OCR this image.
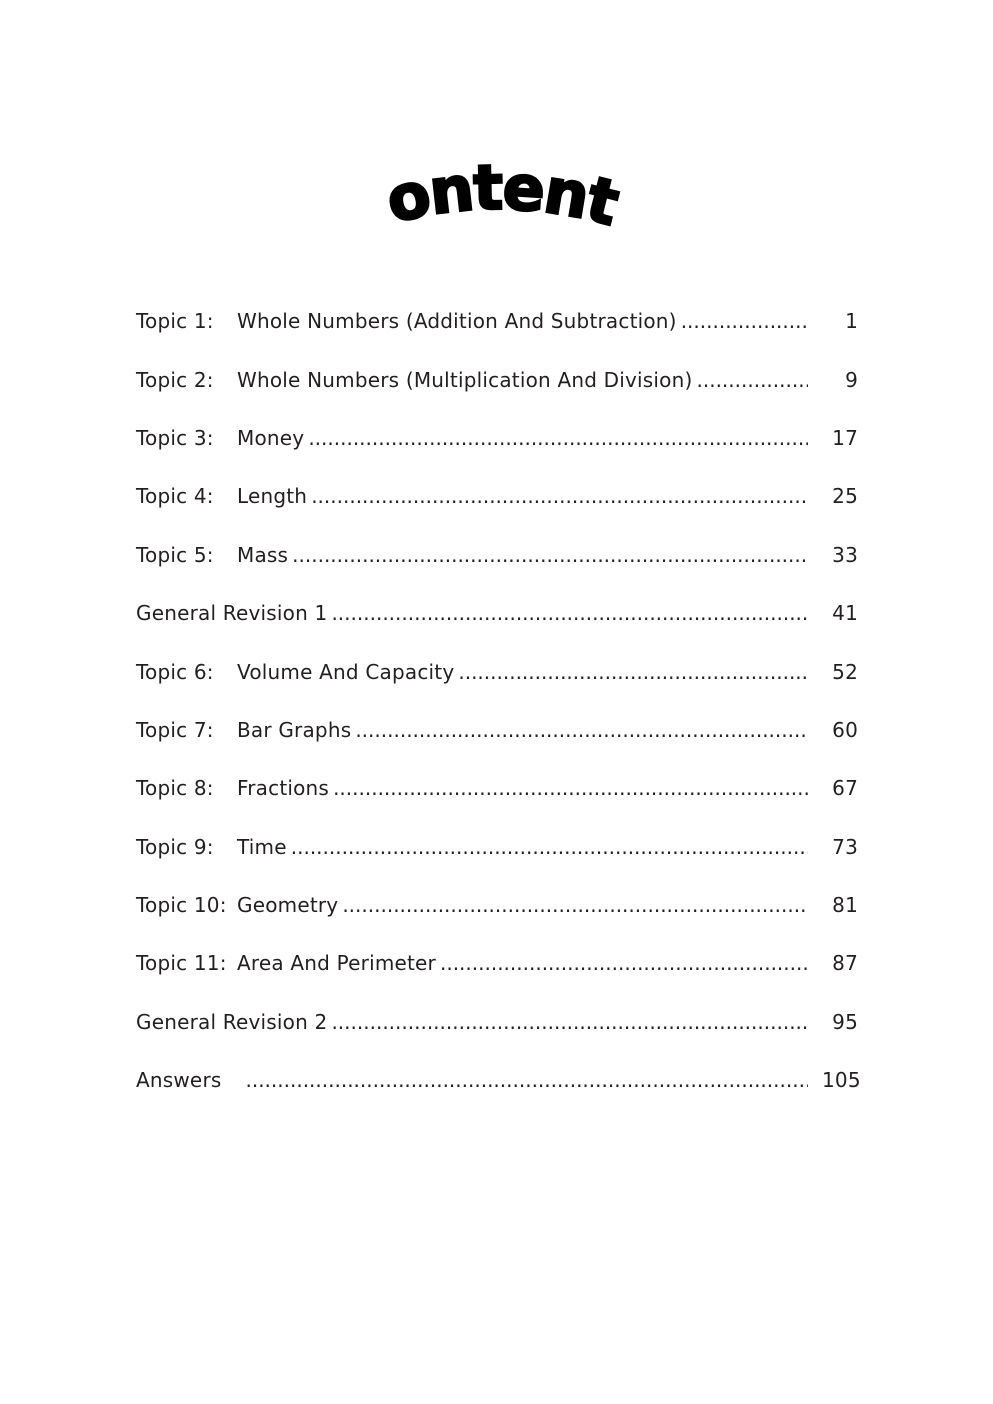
Contents
Topic 1:	Whole Numbers (Addition And Subtraction) .....	1
Topic 2:	Whole Numbers (Multiplication And Division) .....	9
Topic 3:	Money .....	17
Topic 4:	Length .....	25
Topic 5:	Mass .....	33
General Revision 1 .....	41
Topic 6:	Volume And Capacity .....	52
Topic 7:	Bar Graphs .....	60
Topic 8:	Fractions .....	67
Topic 9:	Time .....	73
Topic 10: Geometry .....	81
Topic 11: Area And Perimeter .....	87
General Revision 2 .....	95
Answers .....	105
